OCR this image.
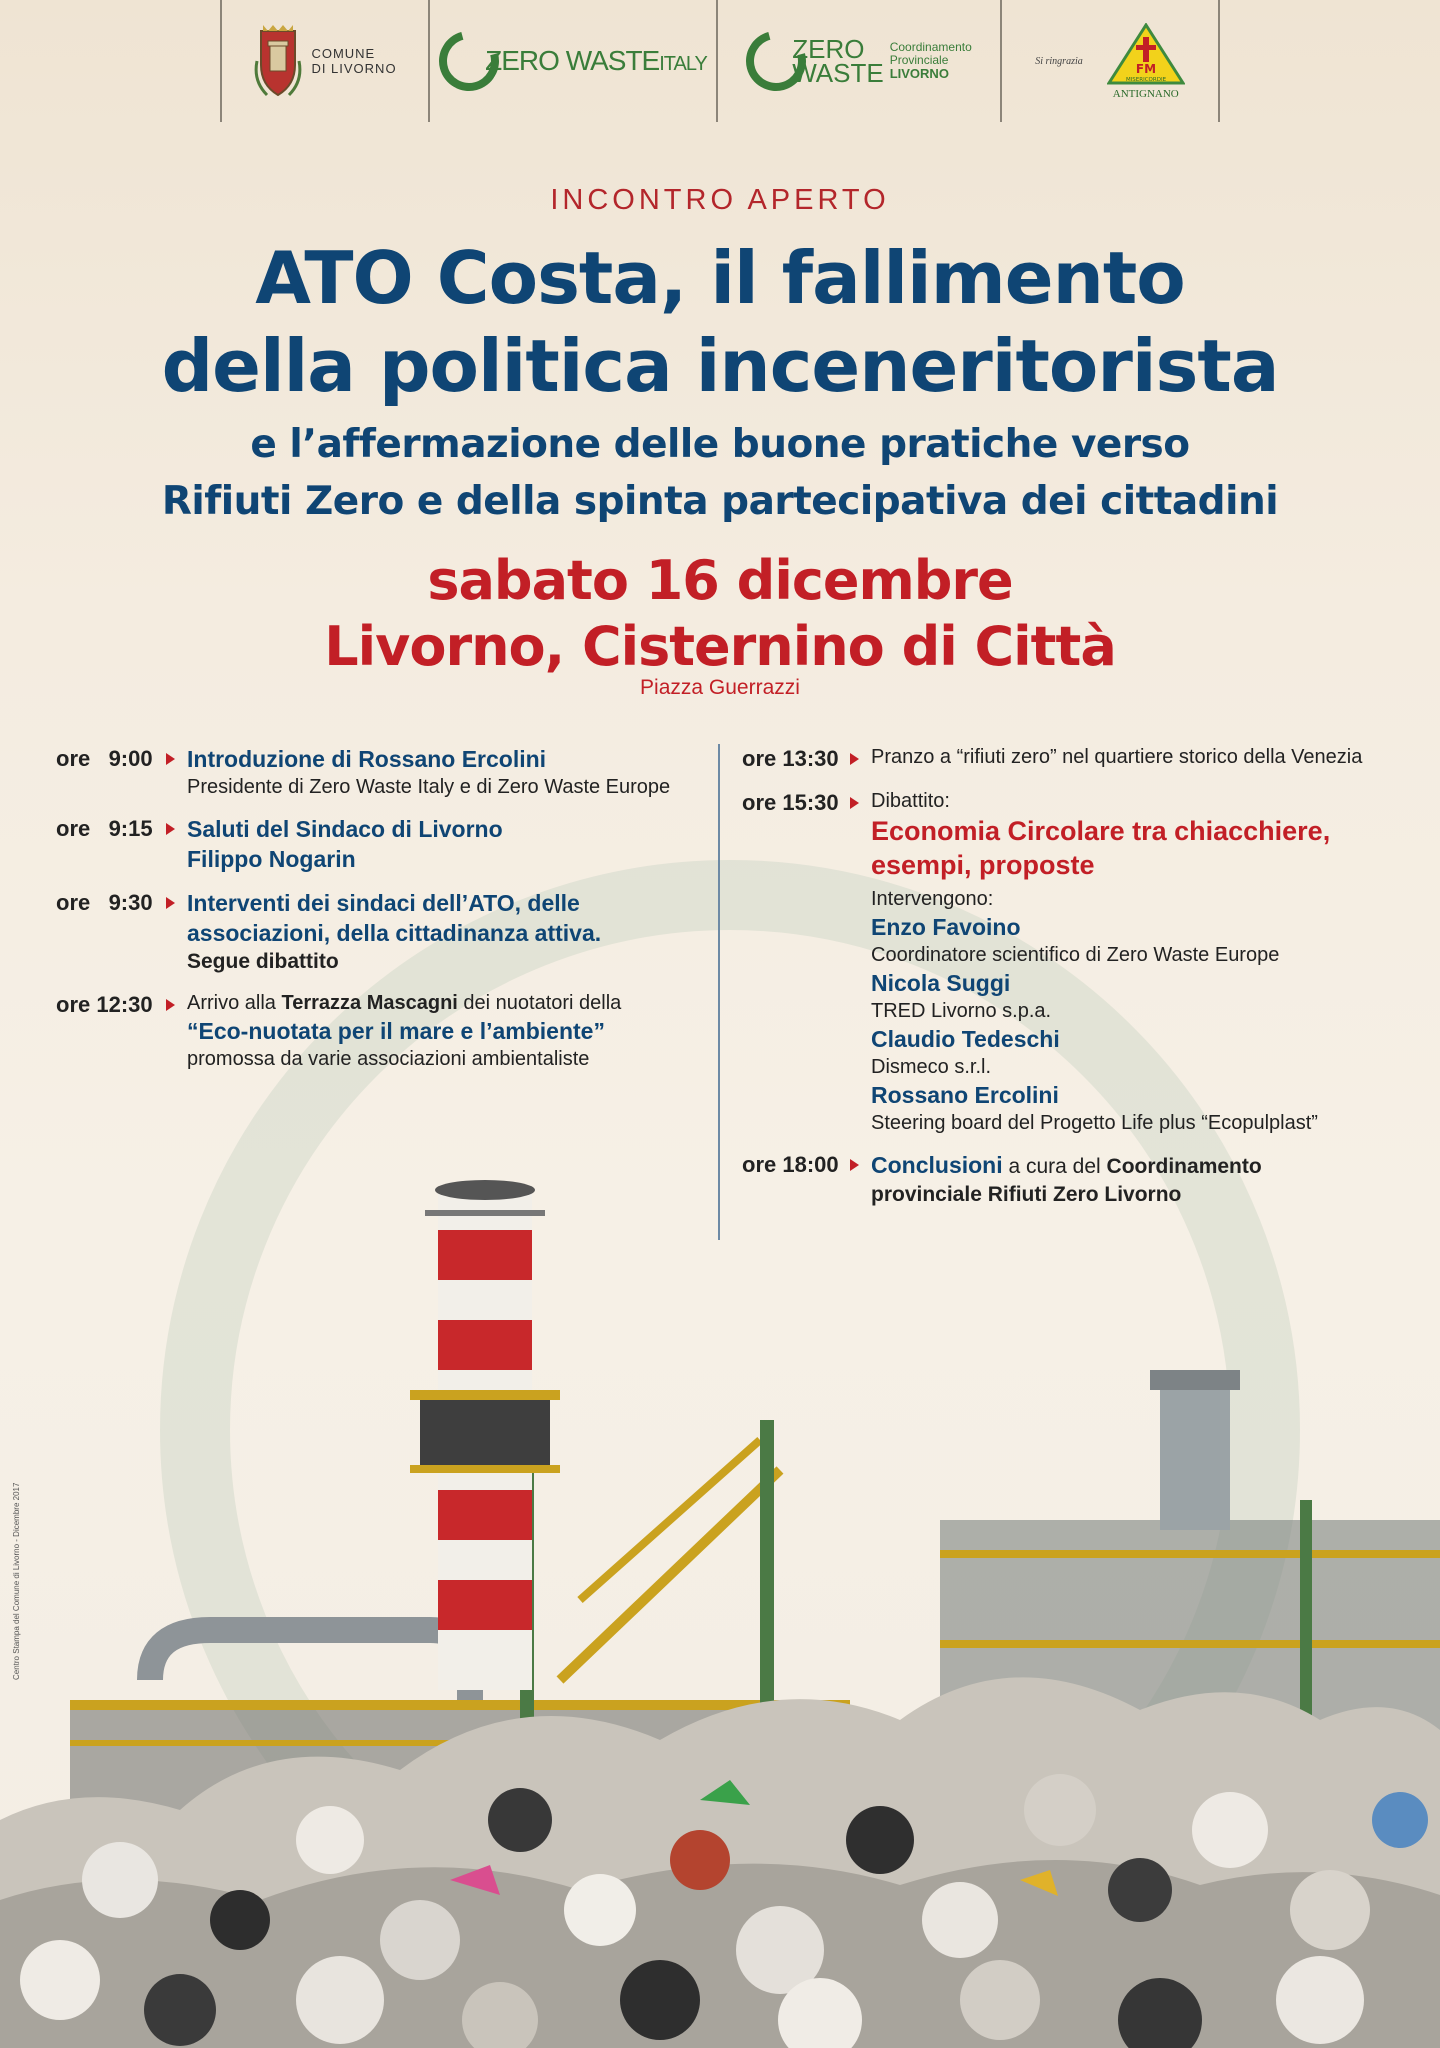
COMUNE
DI LIVORNO	ZERO WASTEITALY	ZERO
WASTE
Coordinamento
Provinciale
LIVORNO
Si ringrazia
FM
MISERICORDIE
ANTIGNANO
INCONTRO APERTO
ATO Costa, il fallimento
della politica inceneritorista
e l’affermazione delle buone pratiche verso
Rifiuti Zero e della spinta partecipativa dei cittadini
sabato 16 dicembre
Livorno, Cisternino di Città
Piazza Guerrazzi
ore   9:00	Introduzione di Rossano Ercolini
Presidente di Zero Waste Italy e di Zero Waste Europe
ore   9:15	Saluti del Sindaco di Livorno
Filippo Nogarin
ore   9:30	Interventi dei sindaci dell’ATO, delle
associazioni, della cittadinanza attiva.
Segue dibattito
ore 12:30	Arrivo alla Terrazza Mascagni dei nuotatori della
“Eco-nuotata per il mare e l’ambiente”
promossa da varie associazioni ambientaliste
ore 13:30	Pranzo a “rifiuti zero” nel quartiere storico della Venezia
ore 15:30	Dibattito:
Economia Circolare tra chiacchiere,
esempi, proposte
Intervengono:
Enzo Favoino
Coordinatore scientifico di Zero Waste Europe
Nicola Suggi
TRED Livorno s.p.a.
Claudio Tedeschi
Dismeco s.r.l.
Rossano Ercolini
Steering board del Progetto Life plus “Ecopulplast”
ore 18:00	Conclusioni a cura del Coordinamento
provinciale Rifiuti Zero Livorno
Centro Stampa del Comune di Livorno - Dicembre 2017
